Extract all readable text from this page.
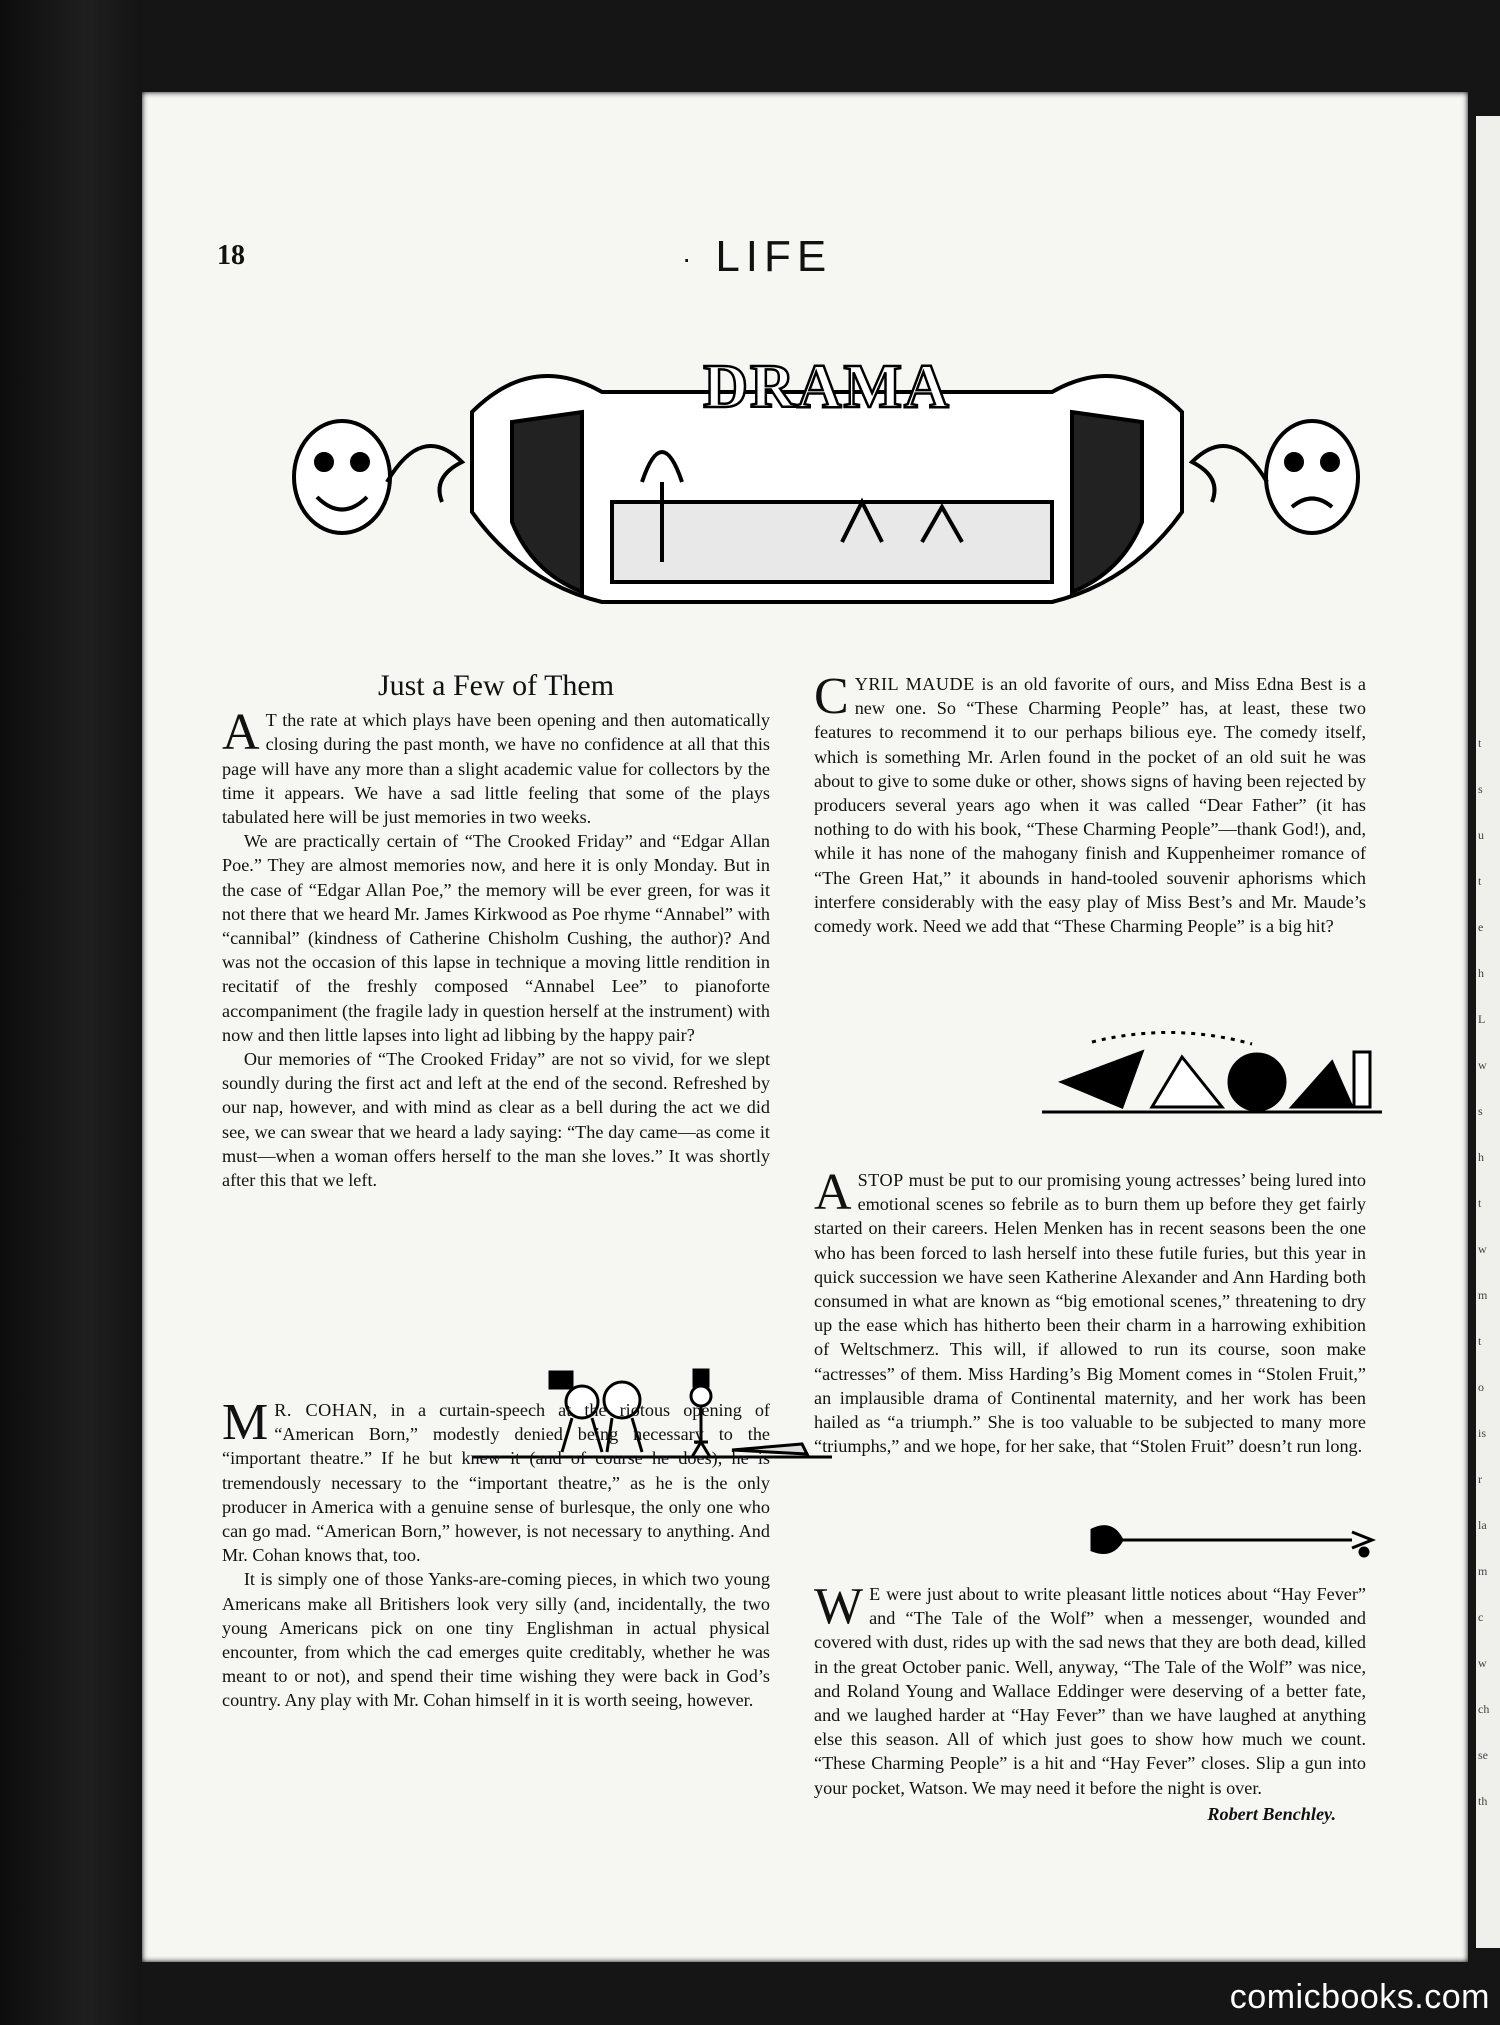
t
s
u
t
e
h
L
w
s
h
t
w
m
t
o
is
r
la
m
c
w
ch
se
th
18	· LIFE
DRAMA
Just a Few of Them

A T the rate at which plays have been opening and then automatically closing during the past month, we have no confidence at all that this page will have any more than a slight academic value for collectors by the time it appears. We have a sad little feeling that some of the plays tabulated here will be just memories in two weeks.

We are practically certain of “The Crooked Friday” and “Edgar Allan Poe.” They are almost memories now, and here it is only Monday. But in the case of “Edgar Allan Poe,” the memory will be ever green, for was it not there that we heard Mr. James Kirkwood as Poe rhyme “Annabel” with “cannibal” (kindness of Catherine Chisholm Cushing, the author)? And was not the occasion of this lapse in technique a moving little rendition in recitatif of the freshly composed “Annabel Lee” to pianoforte accompaniment (the fragile lady in question herself at the instrument) with now and then little lapses into light ad libbing by the happy pair?

Our memories of “The Crooked Friday” are not so vivid, for we slept soundly during the first act and left at the end of the second. Refreshed by our nap, however, and with mind as clear as a bell during the act we did see, we can swear that we heard a lady saying: “The day came—as come it must—when a woman offers herself to the man she loves.” It was shortly after this that we left.

M R. COHAN, in a curtain-speech at the riotous opening of “American Born,” modestly denied being necessary to the “important theatre.” If he but knew it (and of course he does), he is tremendously necessary to the “important theatre,” as he is the only producer in America with a genuine sense of burlesque, the only one who can go mad. “American Born,” however, is not necessary to anything. And Mr. Cohan knows that, too.

It is simply one of those Yanks-are-coming pieces, in which two young Americans make all Britishers look very silly (and, incidentally, the two young Americans pick on one tiny Englishman in actual physical encounter, from which the cad emerges quite creditably, whether he was meant to or not), and spend their time wishing they were back in God’s country. Any play with Mr. Cohan himself in it is worth seeing, however.

CYRIL MAUDE is an old favorite of ours, and Miss Edna Best is a new one. So “These Charming People” has, at least, these two features to recommend it to our perhaps bilious eye. The comedy itself, which is something Mr. Arlen found in the pocket of an old suit he was about to give to some duke or other, shows signs of having been rejected by producers several years ago when it was called “Dear Father” (it has nothing to do with his book, “These Charming People”—thank God!), and, while it has none of the mahogany finish and Kuppenheimer romance of “The Green Hat,” it abounds in hand-tooled souvenir aphorisms which interfere considerably with the easy play of Miss Best’s and Mr. Maude’s comedy work. Need we add that “These Charming People” is a big hit?

ASTOP must be put to our promising young actresses’ being lured into emotional scenes so febrile as to burn them up before they get fairly started on their careers. Helen Menken has in recent seasons been the one who has been forced to lash herself into these futile furies, but this year in quick succession we have seen Katherine Alexander and Ann Harding both consumed in what are known as “big emotional scenes,” threatening to dry up the ease which has hitherto been their charm in a harrowing exhibition of Weltschmerz. This will, if allowed to run its course, soon make “actresses” of them. Miss Harding’s Big Moment comes in “Stolen Fruit,” an implausible drama of Continental maternity, and her work has been hailed as “a triumph.” She is too valuable to be subjected to many more “triumphs,” and we hope, for her sake, that “Stolen Fruit” doesn’t run long.

W E were just about to write pleasant little notices about “Hay Fever” and “The Tale of the Wolf” when a messenger, wounded and covered with dust, rides up with the sad news that they are both dead, killed in the great October panic. Well, anyway, “The Tale of the Wolf” was nice, and Roland Young and Wallace Eddinger were deserving of a better fate, and we laughed harder at “Hay Fever” than we have laughed at anything else this season. All of which just goes to show how much we count. “These Charming People” is a hit and “Hay Fever” closes. Slip a gun into your pocket, Watson. We may need it before the night is over.

Robert Benchley.
comicbooks.com
